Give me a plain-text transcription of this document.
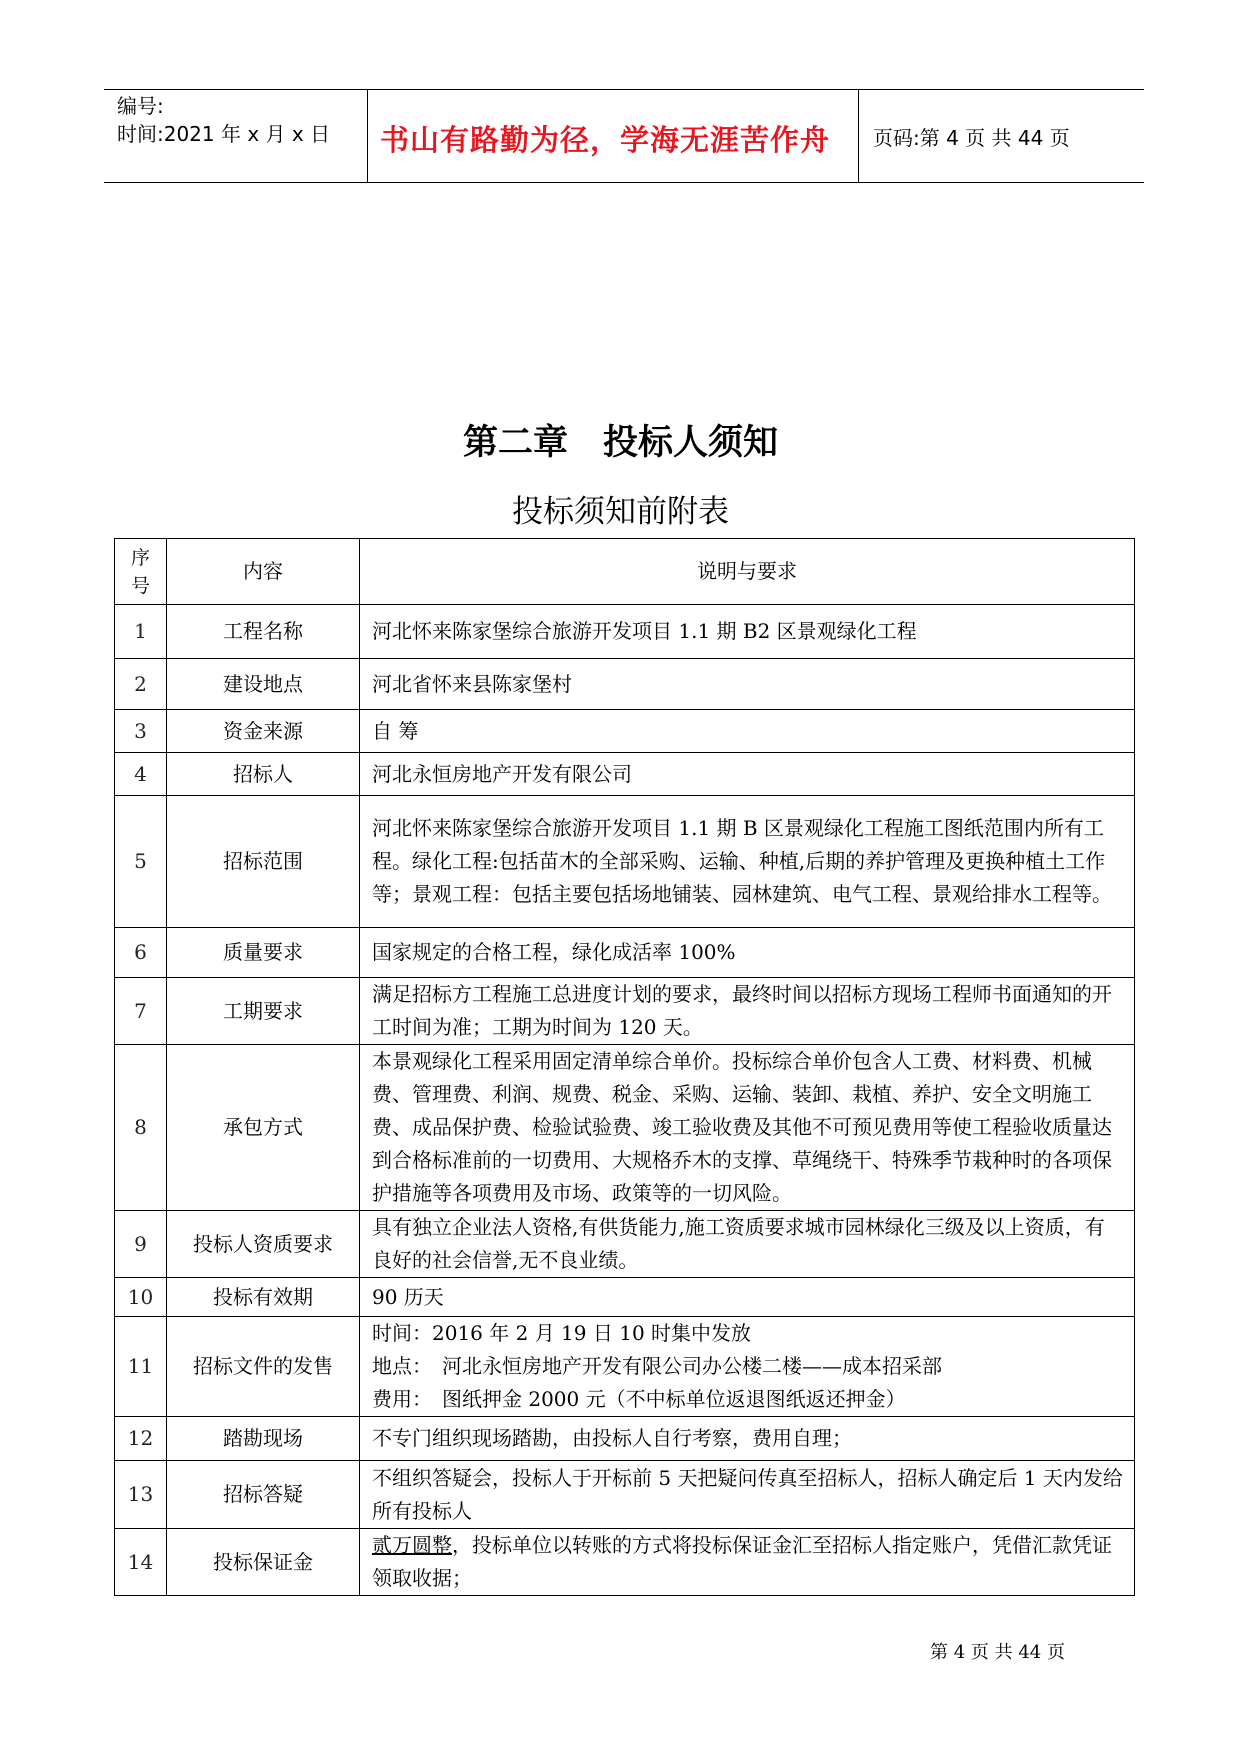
编号:
时间:2021 年 x 月 x 日	书山有路勤为径，学海无涯苦作舟	页码:第 4 页 共 44 页
第二章　投标人须知
投标须知前附表
序号	内容	说明与要求
1	工程名称	河北怀来陈家堡综合旅游开发项目 1.1 期 B2 区景观绿化工程
2	建设地点	河北省怀来县陈家堡村
3	资金来源	自 筹
4	招标人	河北永恒房地产开发有限公司
5	招标范围	河北怀来陈家堡综合旅游开发项目 1.1 期 B 区景观绿化工程施工图纸范围内所有工程。绿化工程:包括苗木的全部采购、运输、种植,后期的养护管理及更换种植土工作等；景观工程：包括主要包括场地铺装、园林建筑、电气工程、景观给排水工程等。
6	质量要求	国家规定的合格工程，绿化成活率 100%
7	工期要求	满足招标方工程施工总进度计划的要求，最终时间以招标方现场工程师书面通知的开工时间为准；工期为时间为 120 天。
8	承包方式	本景观绿化工程采用固定清单综合单价。投标综合单价包含人工费、材料费、机械费、管理费、利润、规费、税金、采购、运输、装卸、栽植、养护、安全文明施工费、成品保护费、检验试验费、竣工验收费及其他不可预见费用等使工程验收质量达到合格标准前的一切费用、大规格乔木的支撑、草绳绕干、特殊季节栽种时的各项保护措施等各项费用及市场、政策等的一切风险。
9	投标人资质要求	具有独立企业法人资格,有供货能力,施工资质要求城市园林绿化三级及以上资质，有良好的社会信誉,无不良业绩。
10	投标有效期	90 历天
11	招标文件的发售	时间：2016 年 2 月 19 日 10 时集中发放
地点：　河北永恒房地产开发有限公司办公楼二楼——成本招采部
费用：　图纸押金 2000 元（不中标单位返退图纸返还押金）

12	踏勘现场	不专门组织现场踏勘，由投标人自行考察，费用自理；
13	招标答疑	不组织答疑会，投标人于开标前 5 天把疑问传真至招标人，招标人确定后 1 天内发给所有投标人
14	投标保证金	贰万圆整，投标单位以转账的方式将投标保证金汇至招标人指定账户，凭借汇款凭证领取收据；
第 4 页 共 44 页
